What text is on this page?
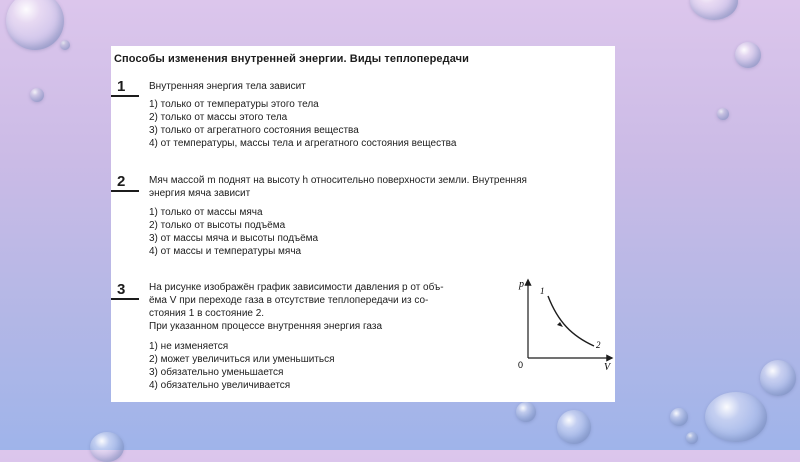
Способы изменения внутренней энергии. Виды теплопередачи
1	Внутренняя энергия тела зависит
1) только от температуры этого тела
2) только от массы этого тела
3) только от агрегатного состояния вещества
4) от температуры, массы тела и агрегатного состояния вещества
2	Мяч массой m поднят на высоту h относительно поверхности земли. Внутренняя
энергия мяча зависит
1) только от массы мяча
2) только от высоты подъёма
3) от массы мяча и высоты подъёма
4) от массы и температуры мяча
3	На рисунке изображён график зависимости давления p от объ-
ёма V при переходе газа в отсутствие теплопередачи из со-
стояния 1 в состояние 2.
При указанном процессе внутренняя энергия газа
1) не изменяется
2) может увеличиться или уменьшиться
3) обязательно уменьшается
4) обязательно увеличивается
p
V
0
1
2
